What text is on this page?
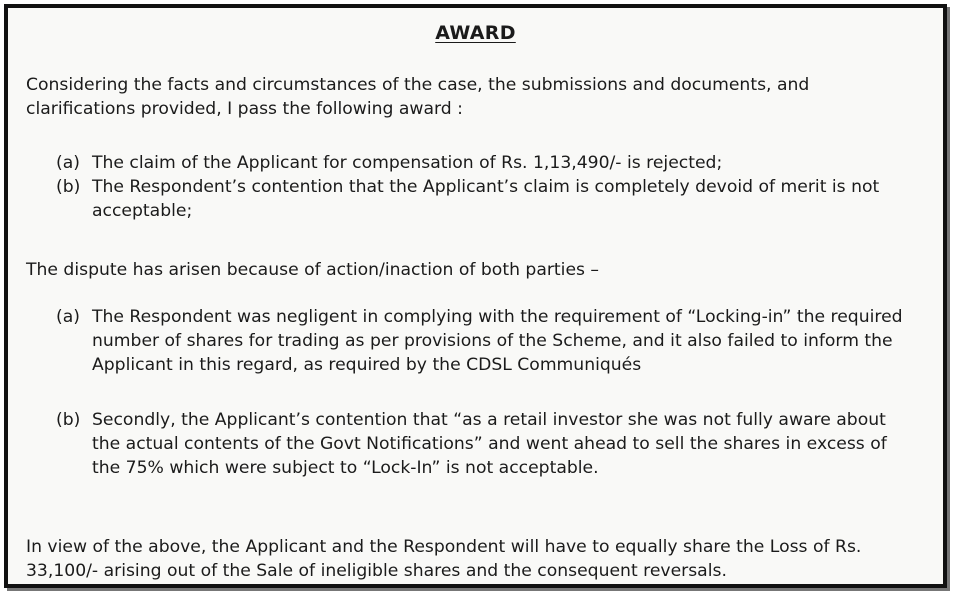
AWARD

Considering the facts and circumstances of the case, the submissions and documents, and clarifications provided, I pass the following award :

(a) The claim of the Applicant for compensation of Rs. 1,13,490/- is rejected;
(b) The Respondent’s contention that the Applicant’s claim is completely devoid of merit is not acceptable;

The dispute has arisen because of action/inaction of both parties –

(a) The Respondent was negligent in complying with the requirement of “Locking-in” the required number of shares for trading as per provisions of the Scheme, and it also failed to inform the Applicant in this regard, as required by the CDSL Communiqués
(b) Secondly, the Applicant’s contention that “as a retail investor she was not fully aware about the actual contents of the Govt Notifications” and went ahead to sell the shares in excess of the 75% which were subject to “Lock-In” is not acceptable.

In view of the above, the Applicant and the Respondent will have to equally share the Loss of Rs. 33,100/- arising out of the Sale of ineligible shares and the consequent reversals.
